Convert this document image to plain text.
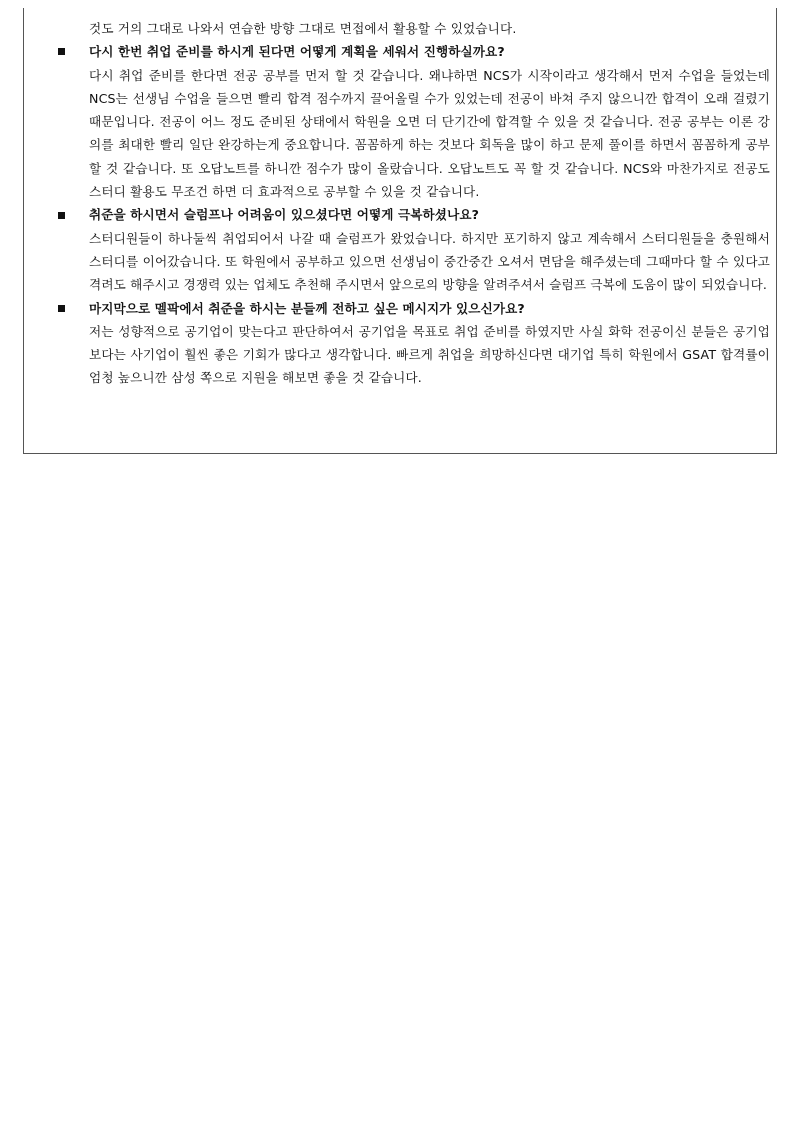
것도 거의 그대로 나와서 연습한 방향 그대로 면접에서 활용할 수 있었습니다.

다시 한번 취업 준비를 하시게 된다면 어떻게 계획을 세워서 진행하실까요?

다시 취업 준비를 한다면 전공 공부를 먼저 할 것 같습니다. 왜냐하면 NCS가 시작이라고 생각해서 먼저 수업을 들었는데 NCS는 선생님 수업을 들으면 빨리 합격 점수까지 끌어올릴 수가 있었는데 전공이 바쳐 주지 않으니깐 합격이 오래 걸렸기 때문입니다. 전공이 어느 정도 준비된 상태에서 학원을 오면 더 단기간에 합격할 수 있을 것 같습니다. 전공 공부는 이론 강의를 최대한 빨리 일단 완강하는게 중요합니다. 꼼꼼하게 하는 것보다 회독을 많이 하고 문제 풀이를 하면서 꼼꼼하게 공부할 것 같습니다. 또 오답노트를 하니깐 점수가 많이 올랐습니다. 오답노트도 꼭 할 것 같습니다. NCS와 마찬가지로 전공도 스터디 활용도 무조건 하면 더 효과적으로 공부할 수 있을 것 같습니다.

취준을 하시면서 슬럼프나 어려움이 있으셨다면 어떻게 극복하셨나요?

스터디원들이 하나둘씩 취업되어서 나갈 때 슬럼프가 왔었습니다. 하지만 포기하지 않고 계속해서 스터디원들을 충원해서 스터디를 이어갔습니다. 또 학원에서 공부하고 있으면 선생님이 중간중간 오셔서 면담을 해주셨는데 그때마다 할 수 있다고 격려도 해주시고 경쟁력 있는 업체도 추천해 주시면서 앞으로의 방향을 알려주셔서 슬럼프 극복에 도움이 많이 되었습니다.

마지막으로 멜팍에서 취준을 하시는 분들께 전하고 싶은 메시지가 있으신가요?

저는 성향적으로 공기업이 맞는다고 판단하여서 공기업을 목표로 취업 준비를 하였지만 사실 화학 전공이신 분들은 공기업보다는 사기업이 훨씬 좋은 기회가 많다고 생각합니다. 빠르게 취업을 희망하신다면 대기업 특히 학원에서 GSAT 합격률이 엄청 높으니깐 삼성 쪽으로 지원을 해보면 좋을 것 같습니다.
